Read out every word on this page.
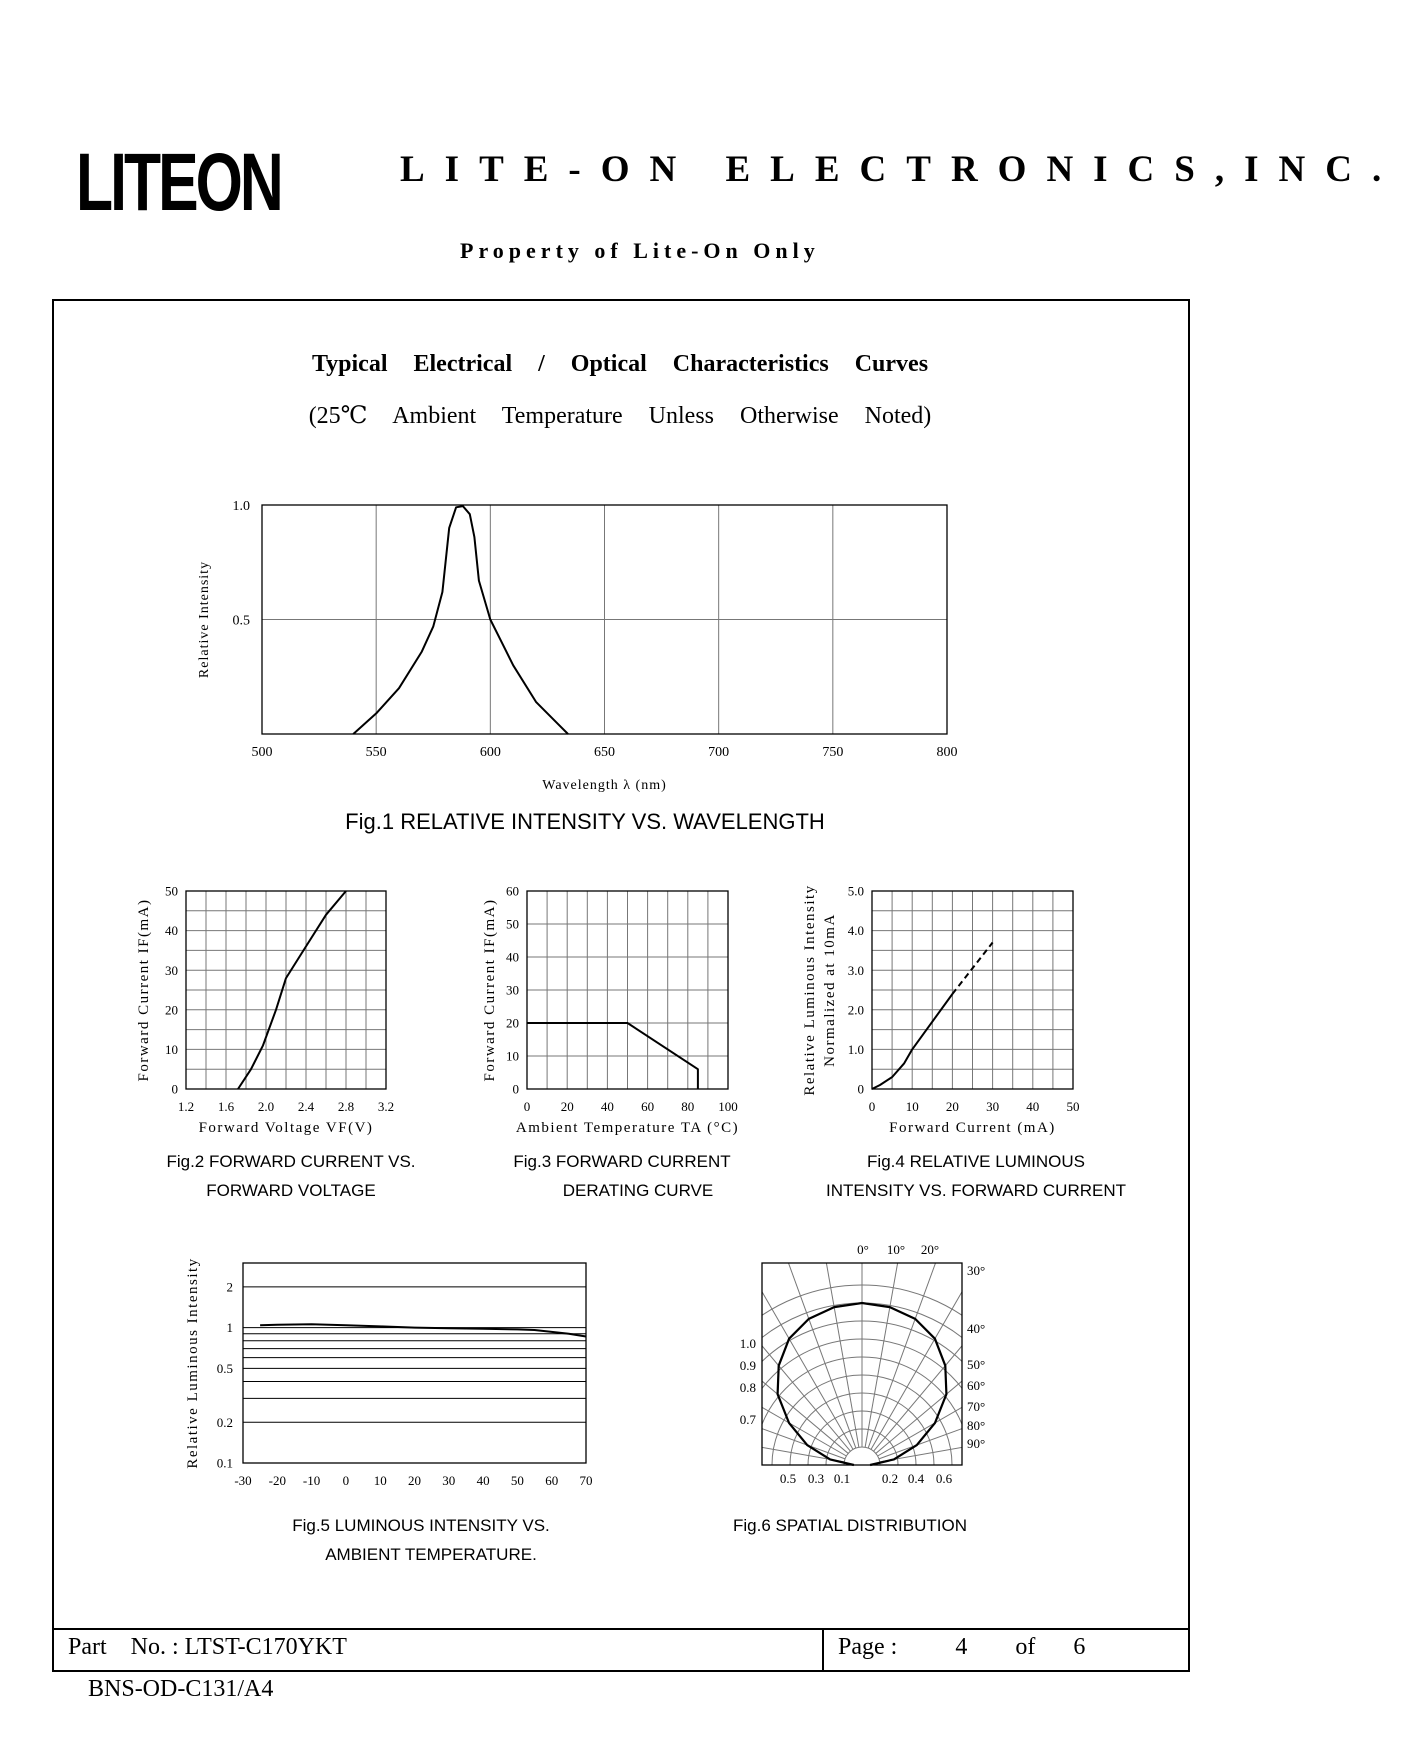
LITEON	LITE-ON ELECTRONICS,INC.
Property of Lite-On Only
Typical Electrical / Optical Characteristics Curves
(25℃ Ambient Temperature Unless Otherwise Noted)
500	550	600	650	700	750	800
0.5
1.0
Wavelength λ (nm)
Relative Intensity
Fig.1 RELATIVE INTENSITY VS. WAVELENGTH
1.2 1.6 2.0 2.4 2.8 3.2
0
10
20
30
40
50
Forward Voltage VF(V)
Forward Current IF(mA)
Fig.2 FORWARD CURRENT VS.
FORWARD VOLTAGE
0 20 40 60 80 100
0
10
20
30
40
50
60
Ambient Temperature TA (°C)
Forward Current IF(mA)
Fig.3 FORWARD CURRENT
DERATING CURVE
0 10 20 30 40 50
0
1.0
2.0
3.0
4.0
5.0
Forward Current (mA)
Relative Luminous Intensity Normalized at 10mA
Fig.4 RELATIVE LUMINOUS
INTENSITY VS. FORWARD CURRENT
-30 -20 -10 0 10 20 30 40 50 60 70
0.1
0.2
0.5
1
2
Relative Luminous Intensity
Fig.5 LUMINOUS INTENSITY VS.
AMBIENT TEMPERATURE.
0° 10° 20°
30°
40°
50°
60°
70°
80°
90°
1.0
0.9
0.8
0.7
0.5 0.3 0.1 0.2 0.4 0.6
Fig.6 SPATIAL DISTRIBUTION
Part    No. : LTST-C170YKT	Page : 4 of 6
BNS-OD-C131/A4
